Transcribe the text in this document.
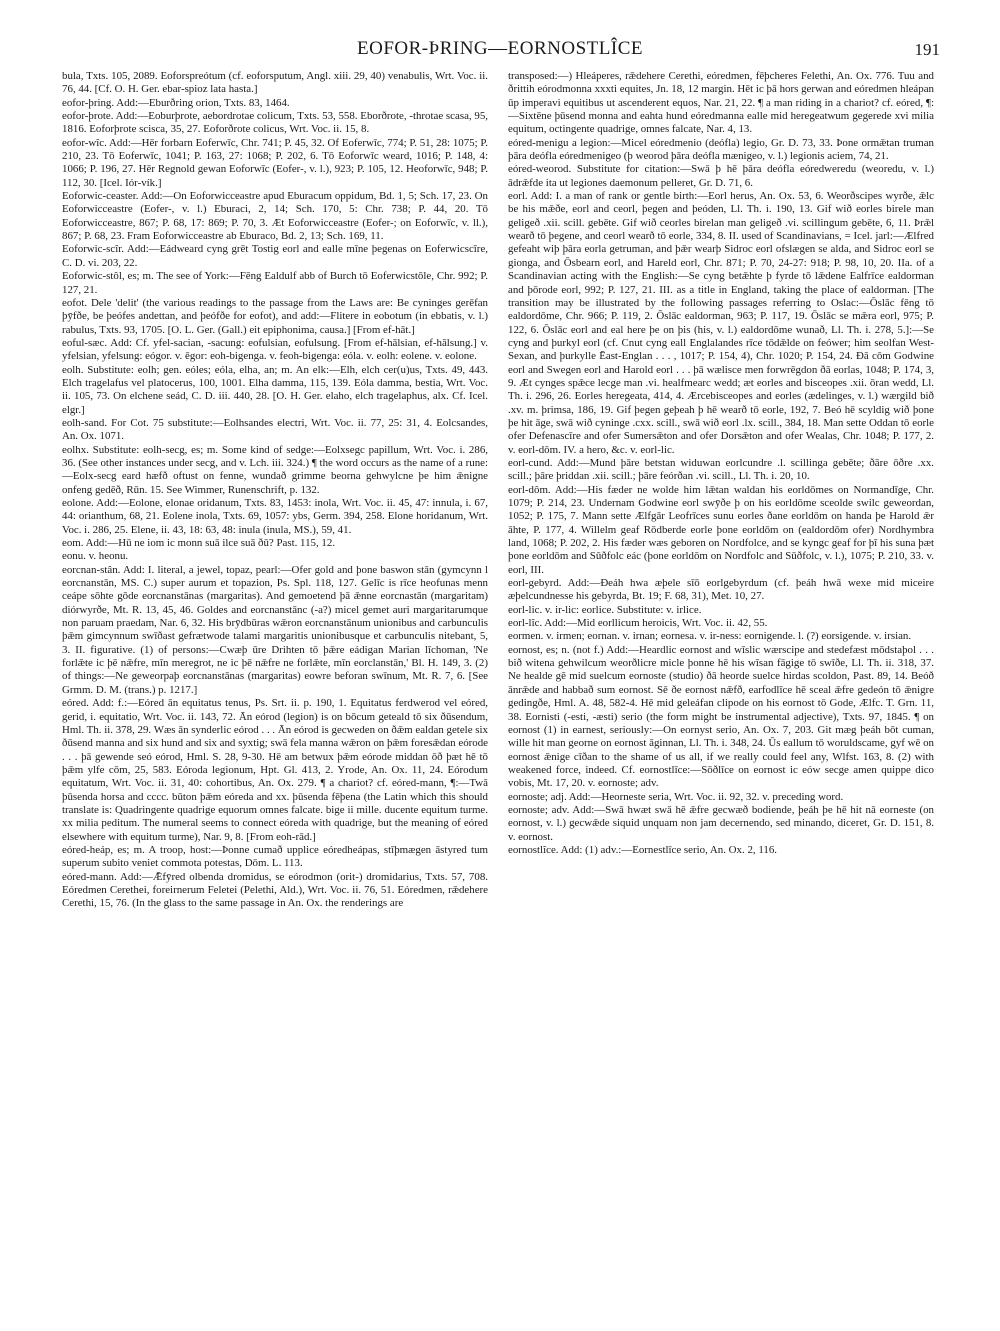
EOFOR-ÞRING—EORNOSTLÎCE	191

bula, Txts. 105, 2089. Eoforspreótum (cf. eoforsputum, Angl. xiii. 29, 40) venabulis, Wrt. Voc. ii. 76, 44. [Cf. O. H. Ger. ebar-spioz lata hasta.]

eofor-þring. Add:—Eburðring orion, Txts. 83, 1464.

eofor-þrote. Add:—Eoburþrote, aebordrotae colicum, Txts. 53, 558. Eborðrote, -throtae scasa, 95, 1816. Eoforþrote scisca, 35, 27. Eoforðrote colicus, Wrt. Voc. ii. 15, 8.

eofor-wîc. Add:—Hēr forbarn Eoferwīc, Chr. 741; P. 45, 32. Of Eoferwīc, 774; P. 51, 28: 1075; P. 210, 23. Tō Eoferwīc, 1041; P. 163, 27: 1068; P. 202, 6. Tō Eoforwīc weard, 1016; P. 148, 4: 1066; P. 196, 27. Hēr Regnold gewan Eoforwīc (Eofer-, v. l.), 923; P. 105, 12. Heoforwīc, 948; P. 112, 30. [Icel. Iór-vík.]

Eoforwic-ceaster. Add:—On Eoforwicceastre apud Eburacum oppidum, Bd. 1, 5; Sch. 17, 23. On Eoforwicceastre (Eofer-, v. l.) Eburaci, 2, 14; Sch. 170, 5: Chr. 738; P. 44, 20. Tō Eoforwicceastre, 867; P. 68, 17: 869; P. 70, 3. Æt Eoforwicceastre (Eofer-; on Eoforwīc, v. ll.), 867; P. 68, 23. Fram Eoforwicceastre ab Eburaco, Bd. 2, 13; Sch. 169, 11.

Eoforwic-scîr. Add:—Eádweard cyng grēt Tostig eorl and ealle mīne þegenas on Eoferwicscīre, C. D. vi. 203, 22.

Eoforwic-stôl, es; m. The see of York:—Fēng Ealdulf abb of Burch tō Eoferwicstōle, Chr. 992; P. 127, 21.

eofot. Dele 'delit' (the various readings to the passage from the Laws are: Be cyninges gerēfan þȳfðe, be þeófes andettan, and þeófðe for eofot), and add:—Flitere in eobotum (in ebbatis, v. l.) rabulus, Txts. 93, 1705. [O. L. Ger. (Gall.) eit epiphonima, causa.] [From ef-hāt.]

eoful-sæc. Add: Cf. yfel-sacian, -sacung: eofulsian, eofulsung. [From ef-hālsian, ef-hālsung.] v. yfelsian, yfelsung: eógor. v. ēgor: eoh-bigenga. v. feoh-bigenga: eóla. v. eolh: eolene. v. eolone.

eolh. Substitute: eolh; gen. eóles; eóla, elha, an; m. An elk:—Elh, elch cer(u)us, Txts. 49, 443. Elch tragelafus vel platocerus, 100, 1001. Elha damma, 115, 139. Eóla damma, bestia, Wrt. Voc. ii. 105, 73. On elchene seád, C. D. iii. 440, 28. [O. H. Ger. elaho, elch tragelaphus, alx. Cf. Icel. elgr.]

eolh-sand. For Cot. 75 substitute:—Eolhsandes electri, Wrt. Voc. ii. 77, 25: 31, 4. Eolcsandes, An. Ox. 1071.

eolhx. Substitute: eolh-secg, es; m. Some kind of sedge:—Eolxsegc papillum, Wrt. Voc. i. 286, 36. (See other instances under secg, and v. Lch. iii. 324.) ¶ the word occurs as the name of a rune:—Eolx-secg eard hæfð oftust on fenne, wundað grimme beorna gehwylcne þe him ǣnigne onfeng gedēð, Rūn. 15. See Wimmer, Runenschrift, p. 132.

eolone. Add:—Eolone, elonae oridanum, Txts. 83, 1453: inola, Wrt. Voc. ii. 45, 47: innula, i. 67, 44: orianthum, 68, 21. Eolene inola, Txts. 69, 1057: ybs, Germ. 394, 258. Elone horidanum, Wrt. Voc. i. 286, 25. Elene, ii. 43, 18: 63, 48: inula (inula, MS.), 59, 41.

eom. Add:—Hū ne iom ic monn suā ilce suā ðū? Past. 115, 12.

eonu. v. heonu.

eorcnan-stân. Add: I. literal, a jewel, topaz, pearl:—Ofer gold and þone baswon stān (gymcynn l eorcnanstān, MS. C.) super aurum et topazion, Ps. Spl. 118, 127. Gelīc is rīce heofunas menn ceápe sōhte gōde eorcnanstānas (margaritas). And gemoetend þā ǣnne eorcnastān (margaritam) diórwyrðe, Mt. R. 13, 45, 46. Goldes and eorcnanstānc (-a?) micel gemet auri margaritarumque non paruam praedam, Nar. 6, 32. His brȳdbūras wǣron eorcnanstānum unionibus and carbunculis þǣm gimcynnum swīðast gefrætwode talami margaritis unionibusque et carbunculis nitebant, 5, 3. II. figurative. (1) of persons:—Cwæþ ūre Drihten tō þǣre eádigan Marian līchoman, 'Ne forlǣte ic þē nǣfre, mīn meregrot, ne ic þē nǣfre ne forlǣte, mīn eorclanstān,' Bl. H. 149, 3. (2) of things:—Ne geweorpaþ eorcnanstānas (margaritas) eowre beforan swīnum, Mt. R. 7, 6. [See Grmm. D. M. (trans.) p. 1217.]

eóred. Add: f.:—Eóred ān equitatus tenus, Ps. Srt. ii. p. 190, 1. Equitatus ferdwerod vel eóred, gerid, i. equitatio, Wrt. Voc. ii. 143, 72. Ān eórod (legion) is on bōcum geteald tō six ðūsendum, Hml. Th. ii. 378, 29. Wæs ān synderlic eórod . . . Ān eórod is gecweden on ðǣm ealdan getele six ðūsend manna and six hund and six and syxtig; swā fela manna wǣron on þǣm foresǣdan eórode . . . þā gewende seó eórod, Hml. S. 28, 9-30. Hē am betwux þǣm eórode middan ōð þæt hē tō þǣm ylfe cōm, 25, 583. Eóroda legionum, Hpt. Gl. 413, 2. Yrode, An. Ox. 11, 24. Eórodum equitatum, Wrt. Voc. ii. 31, 40: cohortibus, An. Ox. 279. ¶ a chariot? cf. eóred-mann, ¶:—Twā þūsenda horsa and cccc. būton þǣm eóreda and xx. þūsenda fēþena (the Latin which this should translate is: Quadringente quadrige equorum omnes falcate. bige ii mille. ducente equitum turme. xx milia peditum. The numeral seems to connect eóreda with quadrige, but the meaning of eóred elsewhere with equitum turme), Nar. 9, 8. [From eoh-rād.]

eóred-heáp, es; m. A troop, host:—Þonne cumað upplice eóredheápas, stīþmægen āstyred tum superum subito veniet commota potestas, Dōm. L. 113.

eóred-mann. Add:—Ǣfȳred olbenda dromidus, se eórodmon (orit-) dromidarius, Txts. 57, 708. Eóredmen Cerethei, foreirnerum Feletei (Pelethi, Ald.), Wrt. Voc. ii. 76, 51. Eóredmen, rǣdehere Cerethi, 15, 76. (In the glass to the same passage in An. Ox. the renderings are

transposed:—) Hleáperes, rǣdehere Cerethi, eóredmen, fēþcheres Felethi, An. Ox. 776. Tuu and ðrittih eórodmonna xxxti equites, Jn. 18, 12 margin. Hēt ic þā hors gerwan and eóredmen hleápan ūp imperavi equitibus ut ascenderent equos, Nar. 21, 22. ¶ a man riding in a chariot? cf. eóred, ¶:—Sixtēne þūsend monna and eahta hund eóredmanna ealle mid heregeatwum gegerede xvi milia equitum, octingente quadrige, omnes falcate, Nar. 4, 13.

eóred-menigu a legion:—Micel eóredmenio (deófla) legio, Gr. D. 73, 33. Þone ormǣtan truman þāra deófla eóredmenigeo (þ weorod þāra deófla mænigeo, v. l.) legionis aciem, 74, 21.

eóred-weorod. Substitute for citation:—Swā þ hē þāra deófla eóredweredu (weoredu, v. l.) ādrǣfde ita ut legiones daemonum pelleret, Gr. D. 71, 6.

eorl. Add: I. a man of rank or gentle birth:—Eorl herus, An. Ox. 53, 6. Weorðscipes wyrðe, ǣlc be his mǣðe, eorl and ceorl, þegen and þeóden, Ll. Th. i. 190, 13. Gif wið eorles birele man geligeð .xii. scill. gebēte. Gif wið ceorles birelan man geligeð .vi. scillingum gebēte, 6, 11. Þrǣl wearð tō þegene, and ceorl wearð tō eorle, 334, 8. II. used of Scandinavians, = Icel. jarl:—Ælfred gefeaht wiþ þāra eorla getruman, and þǣr wearþ Sidroc eorl ofslægen se alda, and Sidroc eorl se gionga, and Ōsbearn eorl, and Hareld eorl, Chr. 871; P. 70, 24-27: 918; P. 98, 10, 20. IIa. of a Scandinavian acting with the English:—Se cyng betǣhte þ fyrde tō lǣdene Ealfrīce ealdorman and þōrode eorl, 992; P. 127, 21. III. as a title in England, taking the place of ealdorman. [The transition may be illustrated by the following passages referring to Oslac:—Ōslāc fēng tō ealdordōme, Chr. 966; P. 119, 2. Ōslāc ealdorman, 963; P. 117, 19. Ōslāc se mǣra eorl, 975; P. 122, 6. Ōslāc eorl and eal here þe on þis (his, v. l.) ealdordōme wunað, Ll. Th. i. 278, 5.]:—Se cyng and þurkyl eorl (cf. Cnut cyng eall Englalandes rīce tōdǣlde on feówer; him seolfan West-Sexan, and þurkylle Ēast-Englan . . . , 1017; P. 154, 4), Chr. 1020; P. 154, 24. Ðā cōm Godwine eorl and Swegen eorl and Harold eorl . . . þā wælisce men forwrēgdon ðā eorlas, 1048; P. 174, 3, 9. Æt cynges spǣce lecge man .vi. healfmearc wedd; æt eorles and bisceopes .xii. ōran wedd, Ll. Th. i. 296, 26. Eorles heregeata, 414, 4. Ærcebisceopes and eorles (ædelinges, v. l.) wærgild bið .xv. m. þrimsa, 186, 19. Gif þegen geþeah þ hē wearð tō eorle, 192, 7. Beó hē scyldig wið þone þe hit āge, swā wið cyninge .cxx. scill., swā wið eorl .lx. scill., 384, 18. Man sette Oddan tō eorle ofer Defenascīre and ofer Sumersǣton and ofer Dorsǣton and ofer Wealas, Chr. 1048; P. 177, 2. v. eorl-dōm. IV. a hero, &c. v. eorl-lic.

eorl-cund. Add:—Mund þāre betstan widuwan eorlcundre .l. scillinga gebēte; ðāre ōðre .xx. scill.; þāre þriddan .xii. scill.; þāre feórðan .vi. scill., Ll. Th. i. 20, 10.

eorl-dôm. Add:—His fæder ne wolde him lǣtan waldan his eorldōmes on Normandīge, Chr. 1079; P. 214, 23. Undernam Godwine eorl swȳðe þ on his eorldōme sceolde swilc geweordan, 1052; P. 175, 7. Mann sette Ælfgār Leofrīces sunu eorles ðane eorldōm on handa þe Harold ǣr āhte, P. 177, 4. Willelm geaf Rōdberde eorle þone eorldōm on (ealdordōm ofer) Nordhymbra land, 1068; P. 202, 2. His fæder wæs geboren on Nordfolce, and se kyngc geaf for þī his suna þæt þone eorldōm and Sūðfolc eác (þone eorldōm on Nordfolc and Sūðfolc, v. l.), 1075; P. 210, 33. v. eorl, III.

eorl-gebyrd. Add:—Ðeáh hwa æþele sīō eorlgebyrdum (cf. þeáh hwā wexe mid miceire æþelcundnesse his gebyrda, Bt. 19; F. 68, 31), Met. 10, 27.

eorl-lic. v. ir-lic: eorlice. Substitute: v. irlice.

eorl-lîc. Add:—Mid eorllicum heroicis, Wrt. Voc. ii. 42, 55.

eormen. v. irmen; eornan. v. irnan; eornesa. v. ir-ness: eornigende. l. (?) eorsigende. v. irsian.

eornost, es; n. (not f.) Add:—Heardlic eornost and wīslic wærscipe and stedefæst mōdstaþol . . . bið witena gehwilcum weorðlicre micle þonne hē his wīsan fāgige tō swīðe, Ll. Th. ii. 318, 37. Ne healde gē mid suelcum eornoste (studio) ðā heorde suelce hirdas scoldon, Past. 89, 14. Beóð ānrǣde and habbað sum eornost. Sē ðe eornost nǣfð, earfodlīce hē sceal ǣfre gedeón tō ǣnigre gedingðe, Hml. A. 48, 582-4. Hē mid geleáfan clipode on his eornost tō Gode, Ælfc. T. Grn. 11, 38. Eornisti (-esti, -æsti) serio (the form might be instrumental adjective), Txts. 97, 1845. ¶ on eornost (1) in earnest, seriously:—On eornyst serio, An. Ox. 7, 203. Git mæg þeáh bōt cuman, wille hit man georne on eornost āginnan, Ll. Th. i. 348, 24. Ūs eallum tō woruldscame, gyf wē on eornost ǣnige cīðan to the shame of us all, if we really could feel any, Wlfst. 163, 8. (2) with weakened force, indeed. Cf. eornostlīce:—Sōðlīce on eornost ic eów secge amen quippe dico vobis, Mt. 17, 20. v. eornoste; adv.

eornoste; adj. Add:—Heorneste seria, Wrt. Voc. ii. 92, 32. v. preceding word.

eornoste; adv. Add:—Swā hwæt swā hē ǣfre gecwæð bodiende, þeáh þe hē hit nā eorneste (on eornost, v. l.) gecwǣde siquid unquam non jam decernendo, sed minando, diceret, Gr. D. 151, 8. v. eornost.

eornostlîce. Add: (1) adv.:—Eornestlīce serio, An. Ox. 2, 116.
